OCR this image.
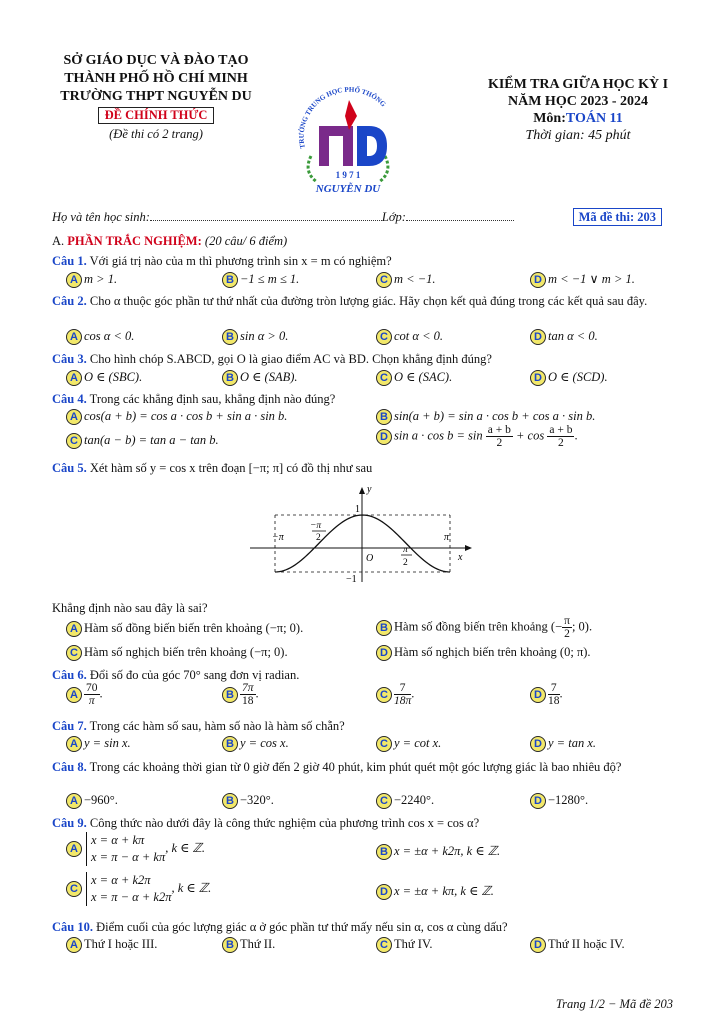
SỞ GIÁO DỤC VÀ ĐÀO TẠO
THÀNH PHỐ HỒ CHÍ MINH
TRƯỜNG THPT NGUYỄN DU
ĐỀ CHÍNH THỨC
(Đề thi có 2 trang)
TRƯỜNG TRUNG HỌC PHỔ THÔNG
1 9 7 1
NGUYỄN DU
KIỂM TRA GIỮA HỌC KỲ I
NĂM HỌC 2023 - 2024
Môn:TOÁN 11
Thời gian: 45 phút
Họ và tên học sinh:	Lớp:	Mã đề thi: 203
A. PHẦN TRẮC NGHIỆM: (20 câu/ 6 điểm)
Câu 1. Với giá trị nào của m thì phương trình sin x = m có nghiệm?
A m > 1.	B −1 ≤ m ≤ 1.	C m < −1.	D m < −1 ∨ m > 1.
Câu 2. Cho α thuộc góc phần tư thứ nhất của đường tròn lượng giác. Hãy chọn kết quả đúng trong các kết quả sau đây.
A cos α < 0.	B sin α > 0.	C cot α < 0.	D tan α < 0.
Câu 3. Cho hình chóp S.ABCD, gọi O là giao điểm AC và BD. Chọn khẳng định đúng?
A O ∈ (SBC).	B O ∈ (SAB).	C O ∈ (SAC).	D O ∈ (SCD).
Câu 4. Trong các khẳng định sau, khẳng định nào đúng?
A cos(a + b) = cos a · cos b + sin a · sin b.	B sin(a + b) = sin a · cos b + cos a · sin b.
C tan(a − b) = tan a − tan b.	D $\sin a \cdot \cos b = \sin \frac{a + b}{2} + \cos \frac{a + b}{2}$ .
Câu 5. Xét hàm số y = cos x trên đoạn [−π; π] có đồ thị như sau
y
x
1
−1
O
−π	π
−π
2
π
2
Khẳng định nào sau đây là sai?
A Hàm số đồng biến biến trên khoảng (−π; 0).	B Hàm số đồng biến trên khoảng (− $\frac{\pi}{2}$ ; 0).
C Hàm số nghịch biến trên khoảng (−π; 0).	D Hàm số nghịch biến trên khoảng (0; π).
Câu 6. Đổi số đo của góc 70° sang đơn vị radian.
A $\frac{70}{\pi}$ .	B $\frac{7\pi}{18}$ .	C $\frac{7}{18\pi}$ .	D $\frac{7}{18}$ .
Câu 7. Trong các hàm số sau, hàm số nào là hàm số chẵn?
A y = sin x.	B y = cos x.	C y = cot x.	D y = tan x.
Câu 8. Trong các khoảng thời gian từ 0 giờ đến 2 giờ 40 phút, kim phút quét một góc lượng giác là bao nhiêu độ?
A −960°.	B −320°.	C −2240°.	D −1280°.
Câu 9. Công thức nào dưới đây là công thức nghiệm của phương trình cos x = cos α?
Ax = α + kπ
x = π − α + kπ, k ∈ ℤ.	B x = ±α + k2π, k ∈ ℤ.
Cx = α + k2π
x = π − α + k2π, k ∈ ℤ.	D x = ±α + kπ, k ∈ ℤ.
Câu 10. Điểm cuối của góc lượng giác α ở góc phần tư thứ mấy nếu sin α, cos α cùng dấu?
A Thứ I hoặc III.	B Thứ II.	C Thứ IV.	D Thứ II hoặc IV.
Trang 1/2 − Mã đề 203
